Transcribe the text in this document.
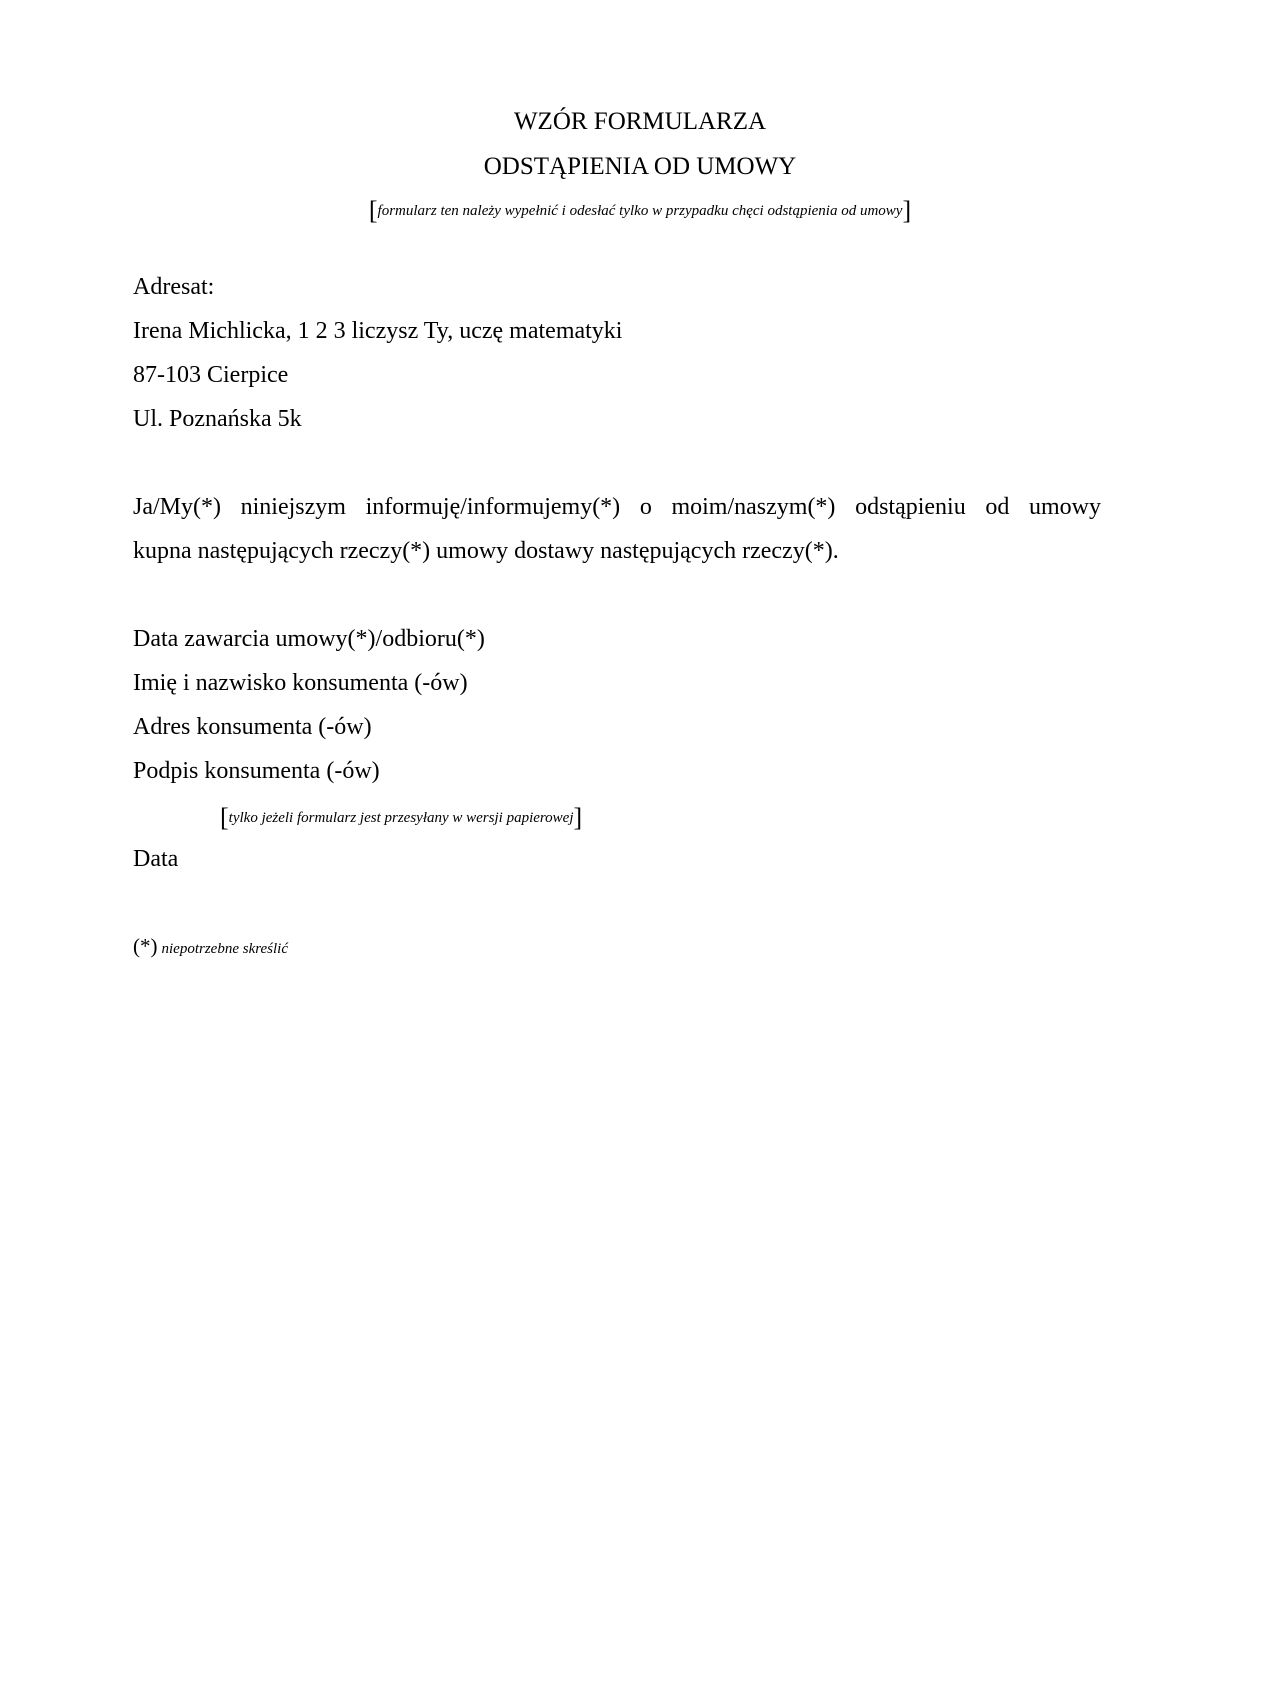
WZÓR FORMULARZA
ODSTĄPIENIA OD UMOWY
[formularz ten należy wypełnić i odesłać tylko w przypadku chęci odstąpienia od umowy]
Adresat:
Irena Michlicka, 1 2 3 liczysz Ty, uczę matematyki
87-103 Cierpice
Ul. Poznańska 5k
Ja/My(*) niniejszym informuję/informujemy(*) o moim/naszym(*) odstąpieniu od umowy
kupna następujących rzeczy(*) umowy dostawy następujących rzeczy(*).
Data zawarcia umowy(*)/odbioru(*)
Imię i nazwisko konsumenta (-ów)
Adres konsumenta (-ów)
Podpis konsumenta (-ów)
[tylko jeżeli formularz jest przesyłany w wersji papierowej]
Data
(*) niepotrzebne skreślić
